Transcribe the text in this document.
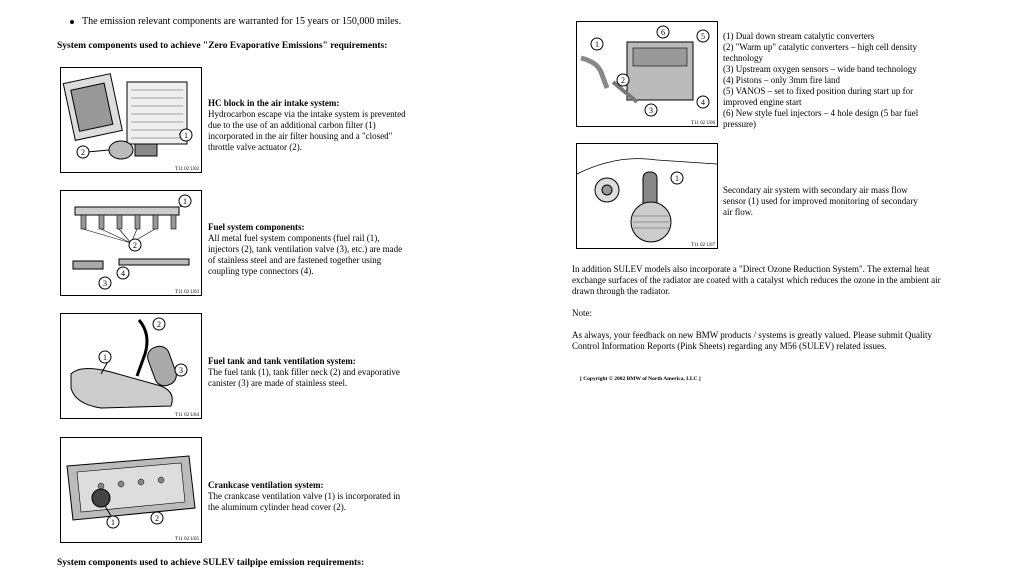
The emission relevant components are warranted for 15 years or 150,000 miles.
System components used to achieve "Zero Evaporative Emissions" requirements:
1
2
T11 02 U02
HC block in the air intake system:
Hydrocarbon escape via the intake system is prevented
due to the use of an additional carbon filter (1)
incorporated in the air filter housing and a "closed"
throttle valve actuator (2).
1
2
3
4
T11 02 U03
Fuel system components:
All metal fuel system components (fuel rail (1),
injectors (2), tank ventilation valve (3), etc.) are made
of stainless steel and are fastened together using
coupling type connectors (4).
1
2
3
T11 02 U04
Fuel tank and tank ventilation system:
The fuel tank (1), tank filler neck (2) and evaporative
canister (3) are made of stainless steel.
1	2
T11 02 U05
Crankcase ventilation system:
The crankcase ventilation valve (1) is incorporated in
the aluminum cylinder head cover (2).
System components used to achieve SULEV tailpipe emission requirements:
1
2
3
4
5
6
T11 02 U06
(1) Dual down stream catalytic converters
(2) "Warm up" catalytic converters – high cell density
technology
(3) Upstream oxygen sensors – wide band technology
(4) Pistons – only 3mm fire land
(5) VANOS – set to fixed position during start up for
improved engine start
(6) New style fuel injectors – 4 hole design (5 bar fuel
pressure)
1
T11 02 U07
Secondary air system with secondary air mass flow
sensor (1) used for improved monitoring of secondary
air flow.
In addition SULEV models also incorporate a "Direct Ozone Reduction System". The external heat
exchange surfaces of the radiator are coated with a catalyst which reduces the ozone in the ambient air
drawn through the radiator.
Note:
As always, your feedback on new BMW products / systems is greatly valued. Please submit Quality
Control Information Reports (Pink Sheets) regarding any M56 (SULEV) related issues.
[ Copyright © 2002 BMW of North America, LLC ]
